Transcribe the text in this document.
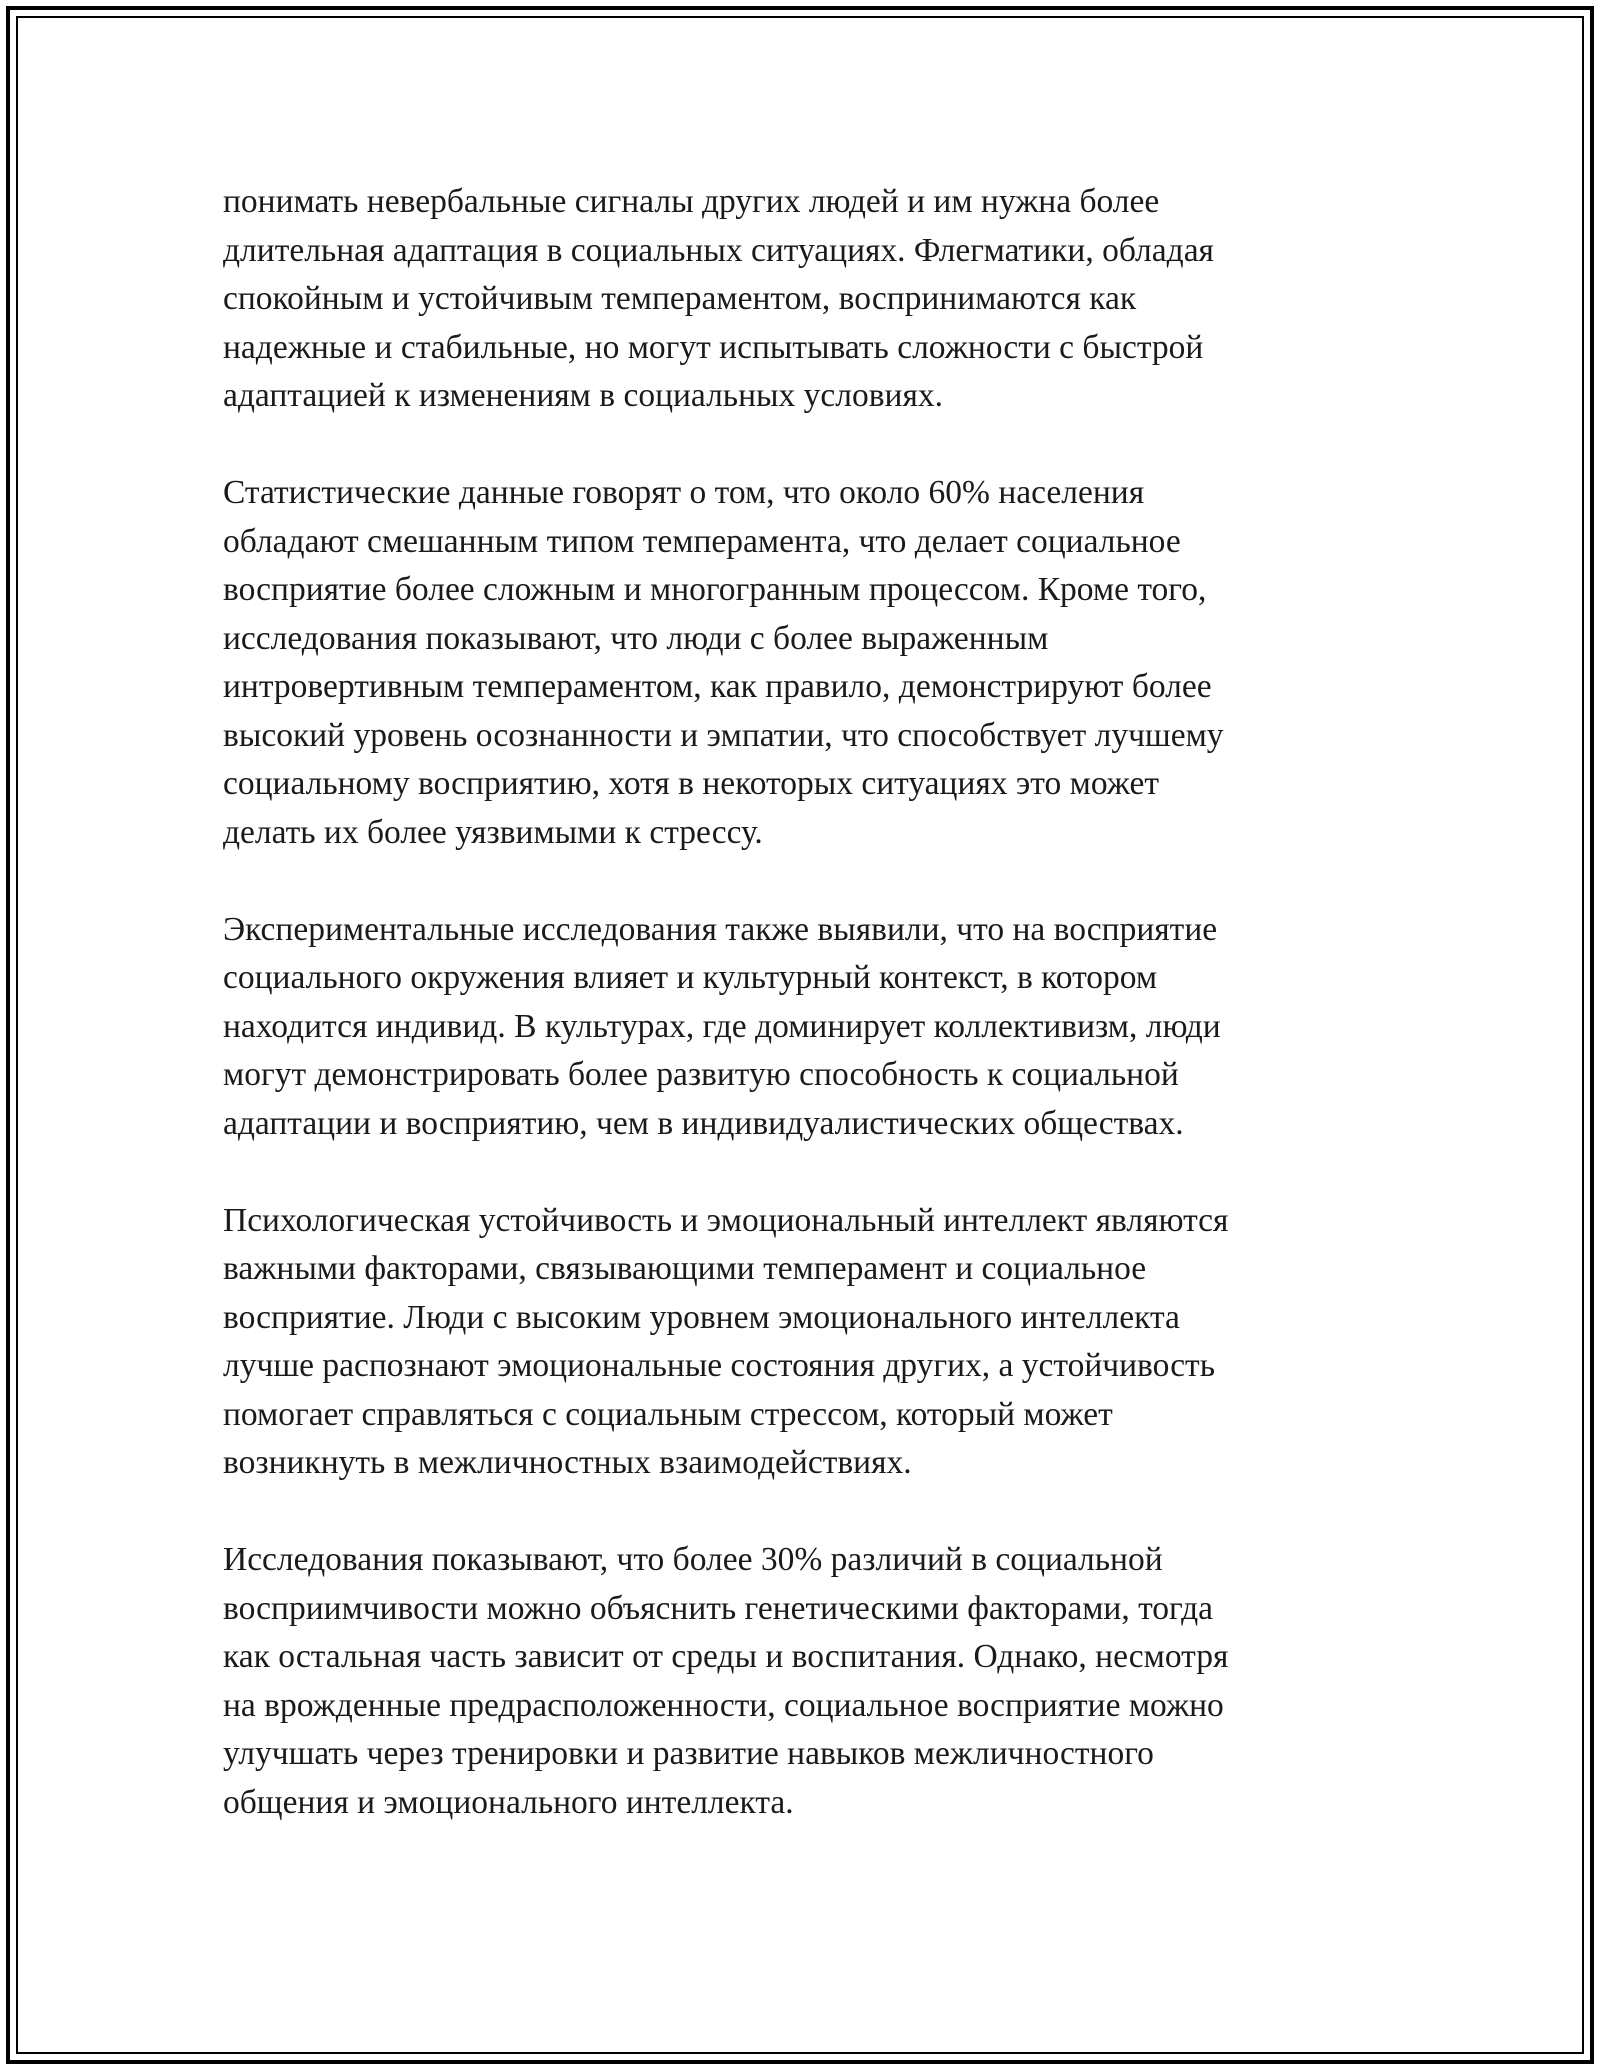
понимать невербальные сигналы других людей и им нужна более
длительная адаптация в социальных ситуациях. Флегматики, обладая
спокойным и устойчивым темпераментом, воспринимаются как
надежные и стабильные, но могут испытывать сложности с быстрой
адаптацией к изменениям в социальных условиях.

Статистические данные говорят о том, что около 60% населения
обладают смешанным типом темперамента, что делает социальное
восприятие более сложным и многогранным процессом. Кроме того,
исследования показывают, что люди с более выраженным
интровертивным темпераментом, как правило, демонстрируют более
высокий уровень осознанности и эмпатии, что способствует лучшему
социальному восприятию, хотя в некоторых ситуациях это может
делать их более уязвимыми к стрессу.

Экспериментальные исследования также выявили, что на восприятие
социального окружения влияет и культурный контекст, в котором
находится индивид. В культурах, где доминирует коллективизм, люди
могут демонстрировать более развитую способность к социальной
адаптации и восприятию, чем в индивидуалистических обществах.

Психологическая устойчивость и эмоциональный интеллект являются
важными факторами, связывающими темперамент и социальное
восприятие. Люди с высоким уровнем эмоционального интеллекта
лучше распознают эмоциональные состояния других, а устойчивость
помогает справляться с социальным стрессом, который может
возникнуть в межличностных взаимодействиях.

Исследования показывают, что более 30% различий в социальной
восприимчивости можно объяснить генетическими факторами, тогда
как остальная часть зависит от среды и воспитания. Однако, несмотря
на врожденные предрасположенности, социальное восприятие можно
улучшать через тренировки и развитие навыков межличностного
общения и эмоционального интеллекта.
